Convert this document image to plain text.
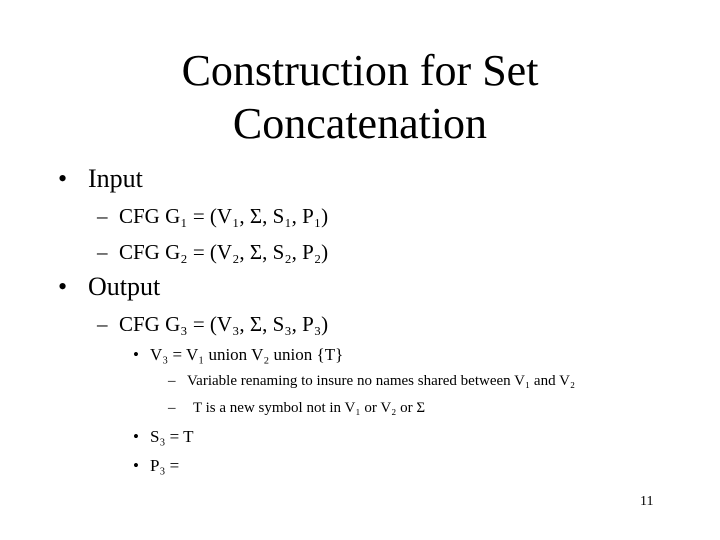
Construction for Set
Concatenation
• Input
– CFG G₁ = (V₁, Σ, S₁, P₁)
– CFG G₂ = (V₂, Σ, S₂, P₂)
• Output
– CFG G₃ = (V₃, Σ, S₃, P₃)
• V₃ = V₁ union V₂ union {T}
– Variable renaming to insure no names shared between V₁ and V₂
– T is a new symbol not in V₁ or V₂ or Σ
• S₃ = T
• P₃ =
11
